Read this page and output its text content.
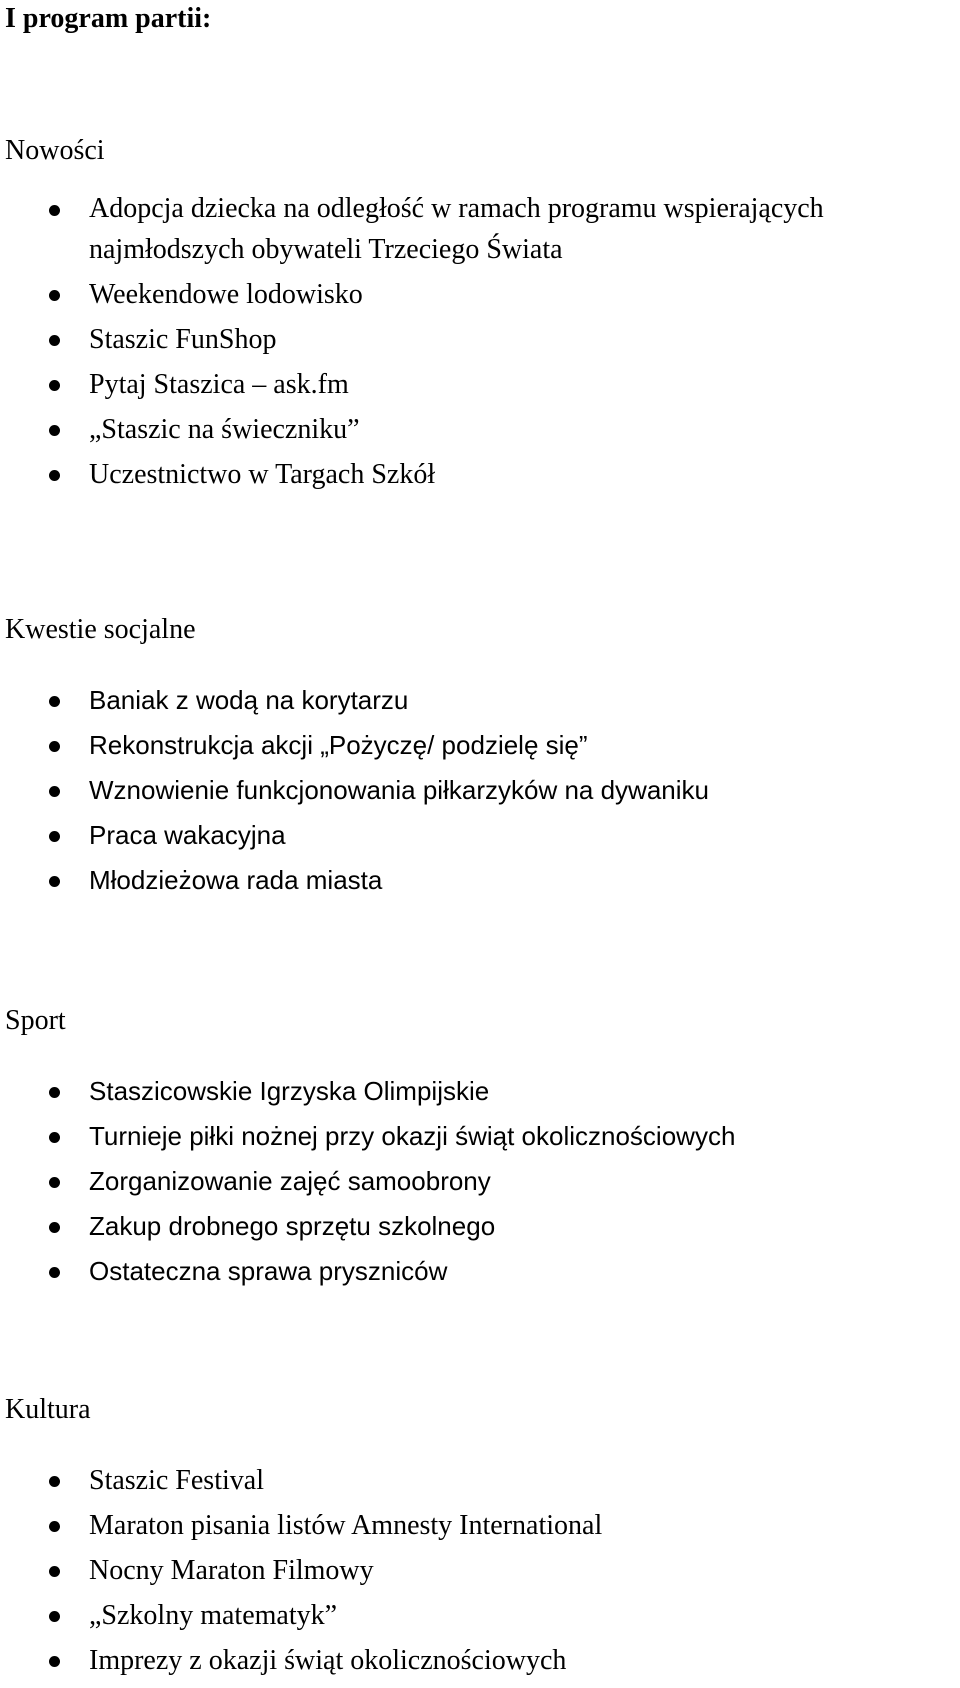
I program partii:

Nowości

Adopcja dziecka na odległość w ramach programu wspierających najmłodszych obywateli Trzeciego Świata
Weekendowe lodowisko
Staszic FunShop
Pytaj Staszica – ask.fm
„Staszic na świeczniku”
Uczestnictwo w Targach Szkół

Kwestie socjalne

Baniak z wodą na korytarzu
Rekonstrukcja akcji „Pożyczę/ podzielę się”
Wznowienie funkcjonowania piłkarzyków na dywaniku
Praca wakacyjna
Młodzieżowa rada miasta

Sport

Staszicowskie Igrzyska Olimpijskie
Turnieje piłki nożnej przy okazji świąt okolicznościowych
Zorganizowanie zajęć samoobrony
Zakup drobnego sprzętu szkolnego
Ostateczna sprawa pryszniców

Kultura

Staszic Festival
Maraton pisania listów Amnesty International
Nocny Maraton Filmowy
„Szkolny matematyk”
Imprezy z okazji świąt okolicznościowych
